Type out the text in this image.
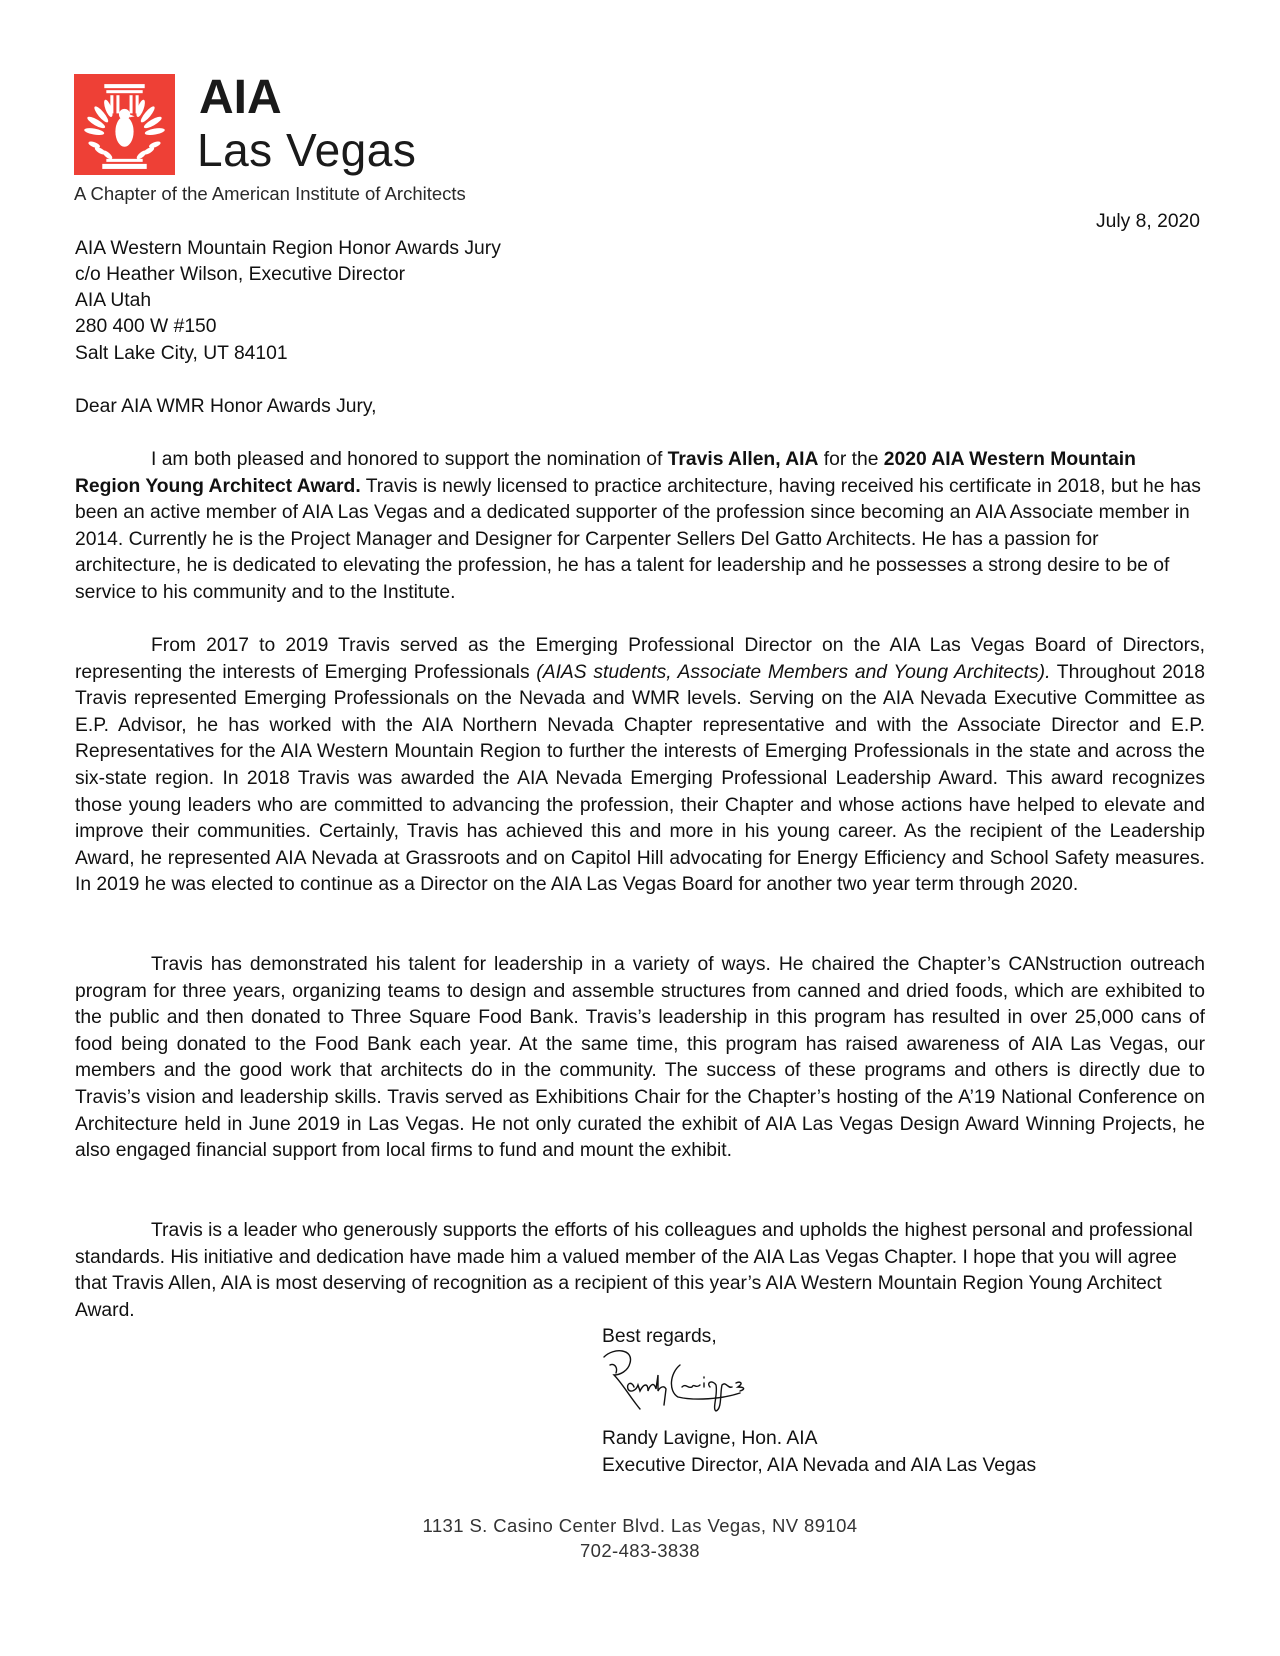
AIA
Las Vegas
A Chapter of the American Institute of Architects
July 8, 2020
AIA Western Mountain Region Honor Awards Jury
c/o Heather Wilson, Executive Director
AIA Utah
280 400 W #150
Salt Lake City, UT 84101
Dear AIA WMR Honor Awards Jury,

I am both pleased and honored to support the nomination of Travis Allen, AIA for the 2020 AIA Western Mountain Region Young Architect Award. Travis is newly licensed to practice architecture, having received his certificate in 2018, but he has been an active member of AIA Las Vegas and a dedicated supporter of the profession since becoming an AIA Associate member in 2014. Currently he is the Project Manager and Designer for Carpenter Sellers Del Gatto Architects. He has a passion for architecture, he is dedicated to elevating the profession, he has a talent for leadership and he possesses a strong desire to be of service to his community and to the Institute.

From 2017 to 2019 Travis served as the Emerging Professional Director on the AIA Las Vegas Board of Directors, representing the interests of Emerging Professionals (AIAS students, Associate Members and Young Architects). Throughout 2018 Travis represented Emerging Professionals on the Nevada and WMR levels. Serving on the AIA Nevada Executive Committee as E.P. Advisor, he has worked with the AIA Northern Nevada Chapter representative and with the Associate Director and E.P. Representatives for the AIA Western Mountain Region to further the interests of Emerging Professionals in the state and across the six-state region. In 2018 Travis was awarded the AIA Nevada Emerging Professional Leadership Award. This award recognizes those young leaders who are committed to advancing the profession, their Chapter and whose actions have helped to elevate and improve their communities. Certainly, Travis has achieved this and more in his young career. As the recipient of the Leadership Award, he represented AIA Nevada at Grassroots and on Capitol Hill advocating for Energy Efficiency and School Safety measures. In 2019 he was elected to continue as a Director on the AIA Las Vegas Board for another two year term through 2020.

Travis has demonstrated his talent for leadership in a variety of ways. He chaired the Chapter’s CANstruction outreach program for three years, organizing teams to design and assemble structures from canned and dried foods, which are exhibited to the public and then donated to Three Square Food Bank. Travis’s leadership in this program has resulted in over 25,000 cans of food being donated to the Food Bank each year. At the same time, this program has raised awareness of AIA Las Vegas, our members and the good work that architects do in the community. The success of these programs and others is directly due to Travis’s vision and leadership skills. Travis served as Exhibitions Chair for the Chapter’s hosting of the A’19 National Conference on Architecture held in June 2019 in Las Vegas. He not only curated the exhibit of AIA Las Vegas Design Award Winning Projects, he also engaged financial support from local firms to fund and mount the exhibit.

Travis is a leader who generously supports the efforts of his colleagues and upholds the highest personal and professional standards. His initiative and dedication have made him a valued member of the AIA Las Vegas Chapter. I hope that you will agree that Travis Allen, AIA is most deserving of recognition as a recipient of this year’s AIA Western Mountain Region Young Architect Award.

Best regards,
Randy Lavigne, Hon. AIA
Executive Director, AIA Nevada and AIA Las Vegas
1131 S. Casino Center Blvd. Las Vegas, NV 89104
702-483-3838
